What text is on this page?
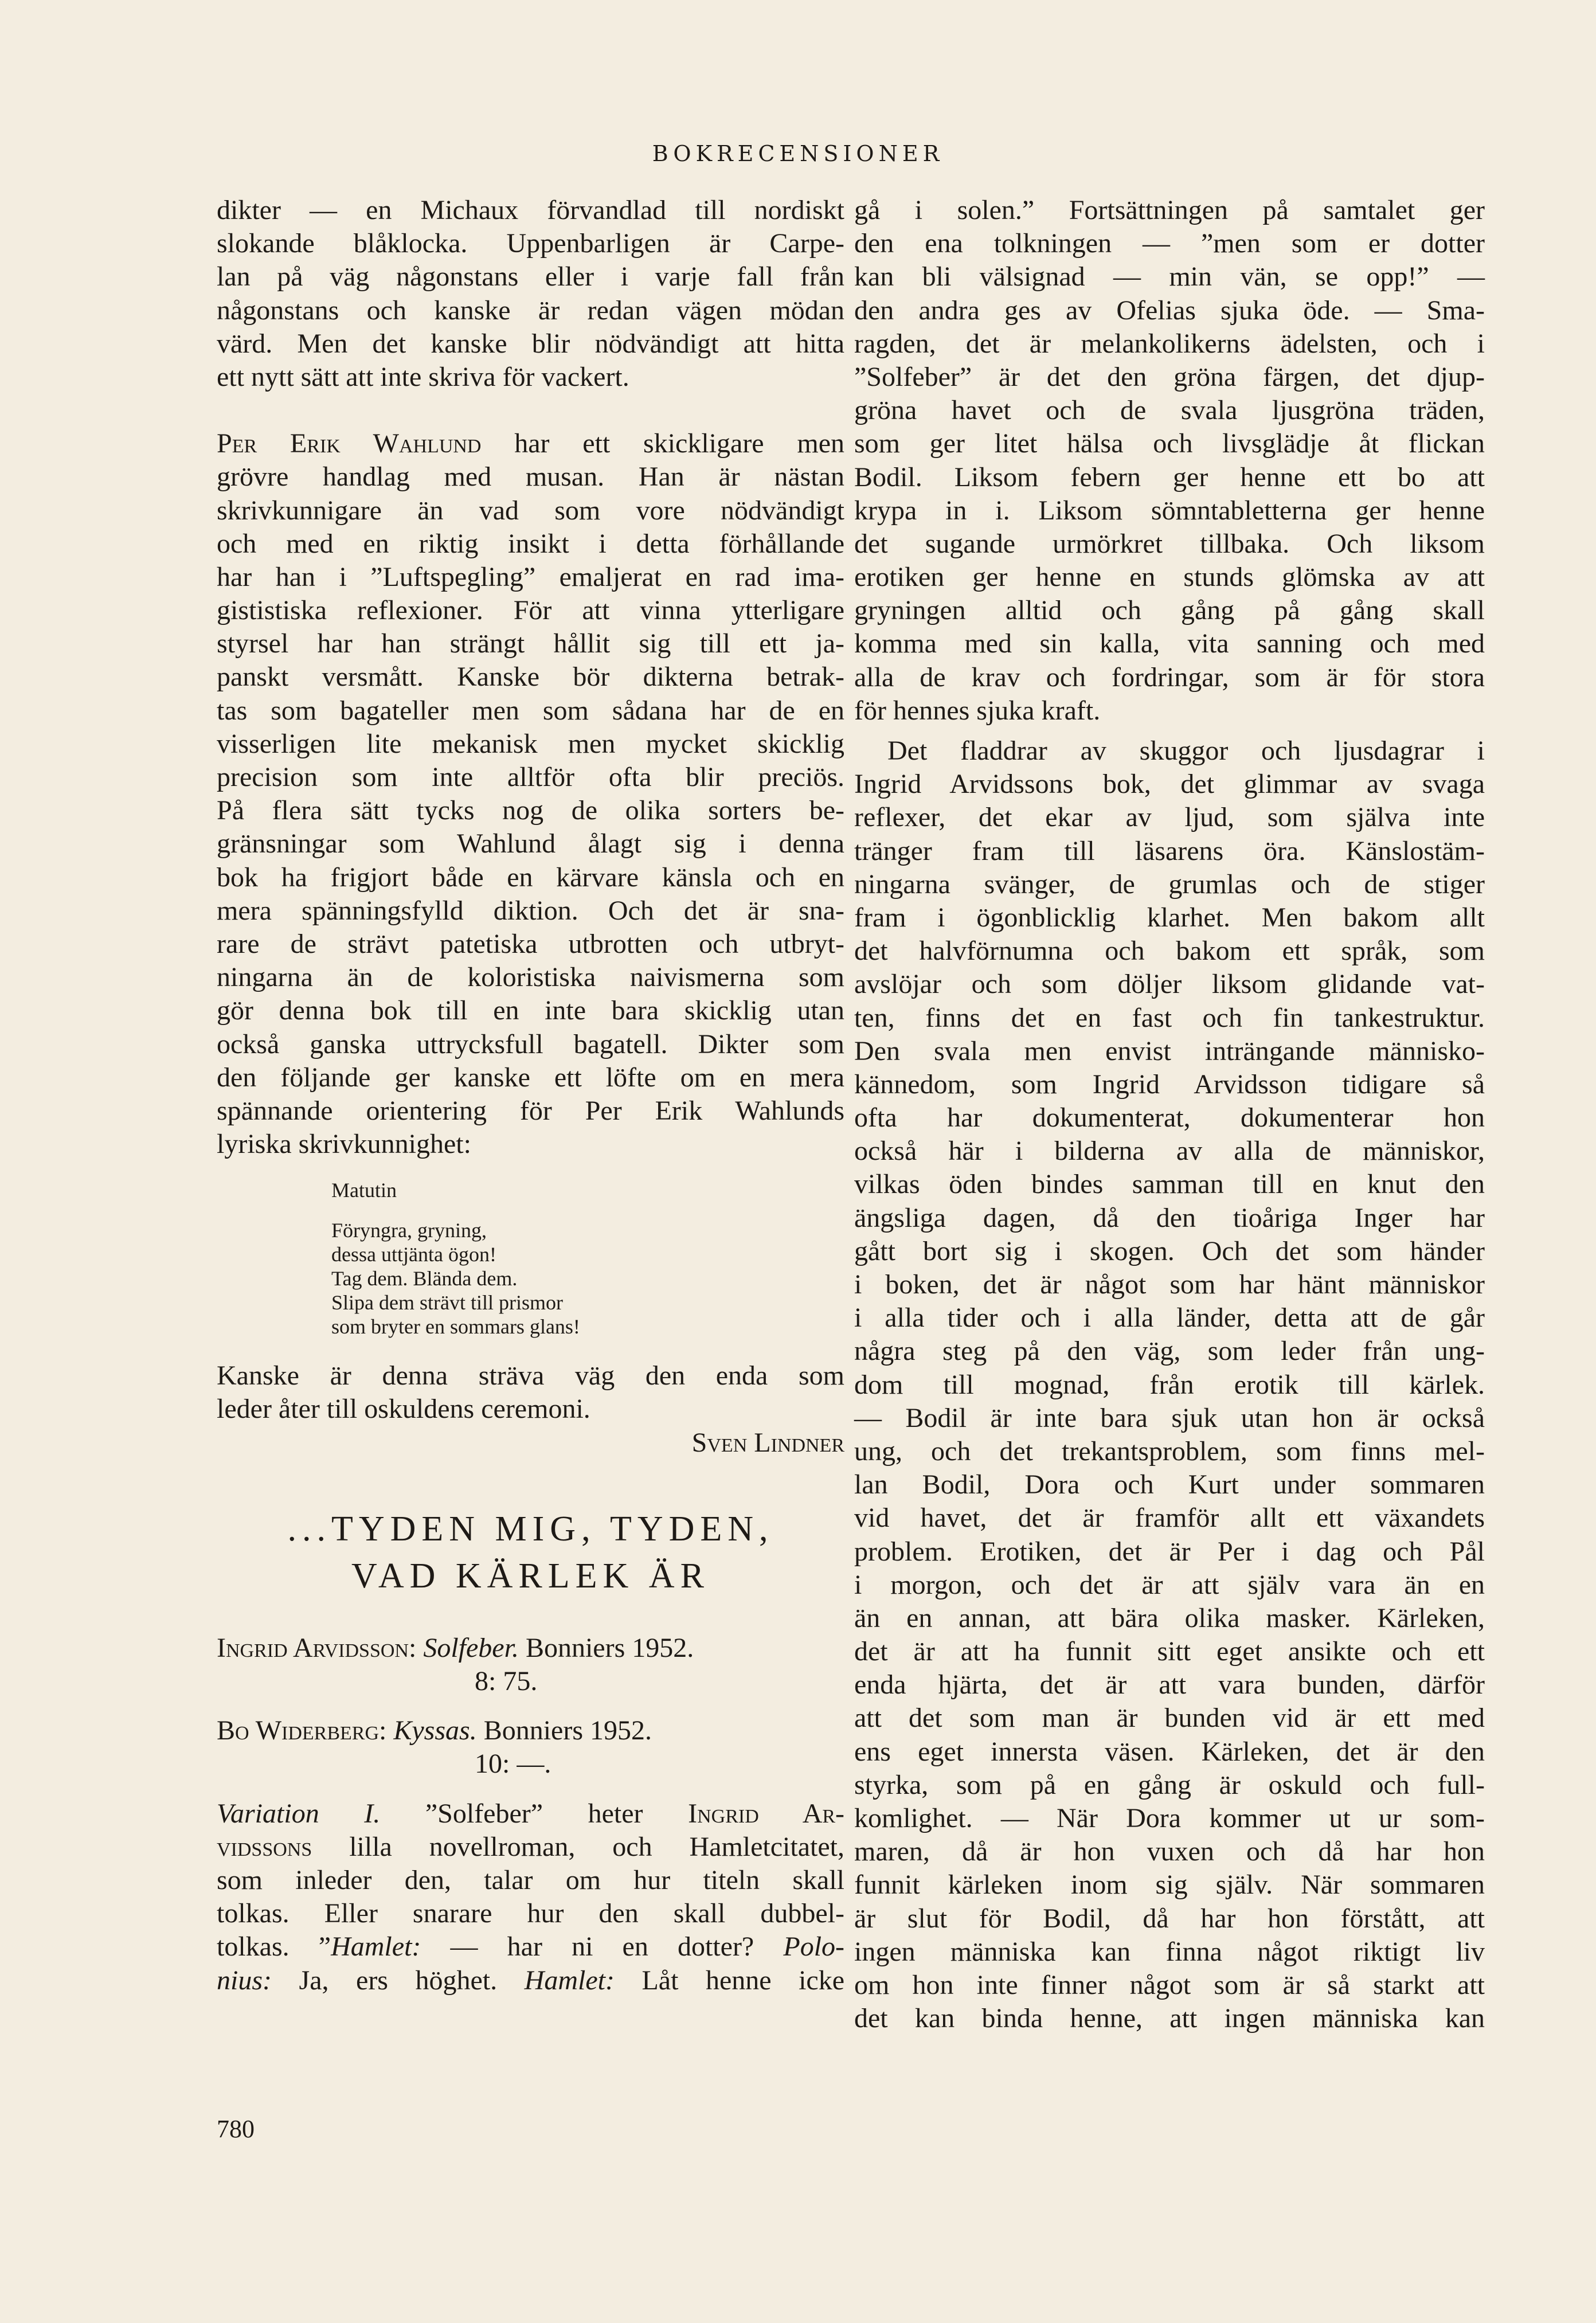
BOKRECENSIONER
dikter — en Michaux förvandlad till nordiskt
slokande blåklocka. Uppenbarligen är Carpe-
lan på väg någonstans eller i varje fall från
någonstans och kanske är redan vägen mödan
värd. Men det kanske blir nödvändigt att hitta
ett nytt sätt att inte skriva för vackert.
Per Erik Wahlund har ett skickligare men
grövre handlag med musan. Han är nästan
skrivkunnigare än vad som vore nödvändigt
och med en riktig insikt i detta förhållande
har han i ”Luftspegling” emaljerat en rad ima-
gististiska reflexioner. För att vinna ytterligare
styrsel har han strängt hållit sig till ett ja-
panskt versmått. Kanske bör dikterna betrak-
tas som bagateller men som sådana har de en
visserligen lite mekanisk men mycket skicklig
precision som inte alltför ofta blir preciös.
På flera sätt tycks nog de olika sorters be-
gränsningar som Wahlund ålagt sig i denna
bok ha frigjort både en kärvare känsla och en
mera spänningsfylld diktion. Och det är sna-
rare de strävt patetiska utbrotten och utbryt-
ningarna än de koloristiska naivismerna som
gör denna bok till en inte bara skicklig utan
också ganska uttrycksfull bagatell. Dikter som
den följande ger kanske ett löfte om en mera
spännande orientering för Per Erik Wahlunds
lyriska skrivkunnighet:
Matutin
Föryngra, gryning,
dessa uttjänta ögon!
Tag dem. Blända dem.
Slipa dem strävt till prismor
som bryter en sommars glans!
Kanske är denna sträva väg den enda som
leder åter till oskuldens ceremoni.
Sven Lindner
...TYDEN MIG, TYDEN,
VAD KÄRLEK ÄR
Ingrid Arvidsson: Solfeber. Bonniers 1952.
8: 75.
Bo Widerberg: Kyssas. Bonniers 1952.
10: —.
Variation I. ”Solfeber” heter Ingrid Ar-
vidssons lilla novellroman, och Hamletcitatet,
som inleder den, talar om hur titeln skall
tolkas. Eller snarare hur den skall dubbel-
tolkas. ”Hamlet: — har ni en dotter? Polo-
nius: Ja, ers höghet. Hamlet: Låt henne icke
gå i solen.” Fortsättningen på samtalet ger
den ena tolkningen — ”men som er dotter
kan bli välsignad — min vän, se opp!” —
den andra ges av Ofelias sjuka öde. — Sma-
ragden, det är melankolikerns ädelsten, och i
”Solfeber” är det den gröna färgen, det djup-
gröna havet och de svala ljusgröna träden,
som ger litet hälsa och livsglädje åt flickan
Bodil. Liksom febern ger henne ett bo att
krypa in i. Liksom sömntabletterna ger henne
det sugande urmörkret tillbaka. Och liksom
erotiken ger henne en stunds glömska av att
gryningen alltid och gång på gång skall
komma med sin kalla, vita sanning och med
alla de krav och fordringar, som är för stora
för hennes sjuka kraft.
Det fladdrar av skuggor och ljusdagrar i
Ingrid Arvidssons bok, det glimmar av svaga
reflexer, det ekar av ljud, som själva inte
tränger fram till läsarens öra. Känslostäm-
ningarna svänger, de grumlas och de stiger
fram i ögonblicklig klarhet. Men bakom allt
det halvförnumna och bakom ett språk, som
avslöjar och som döljer liksom glidande vat-
ten, finns det en fast och fin tankestruktur.
Den svala men envist inträngande människo-
kännedom, som Ingrid Arvidsson tidigare så
ofta har dokumenterat, dokumenterar hon
också här i bilderna av alla de människor,
vilkas öden bindes samman till en knut den
ängsliga dagen, då den tioåriga Inger har
gått bort sig i skogen. Och det som händer
i boken, det är något som har hänt människor
i alla tider och i alla länder, detta att de går
några steg på den väg, som leder från ung-
dom till mognad, från erotik till kärlek.
— Bodil är inte bara sjuk utan hon är också
ung, och det trekantsproblem, som finns mel-
lan Bodil, Dora och Kurt under sommaren
vid havet, det är framför allt ett växandets
problem. Erotiken, det är Per i dag och Pål
i morgon, och det är att själv vara än en
än en annan, att bära olika masker. Kärleken,
det är att ha funnit sitt eget ansikte och ett
enda hjärta, det är att vara bunden, därför
att det som man är bunden vid är ett med
ens eget innersta väsen. Kärleken, det är den
styrka, som på en gång är oskuld och full-
komlighet. — När Dora kommer ut ur som-
maren, då är hon vuxen och då har hon
funnit kärleken inom sig själv. När sommaren
är slut för Bodil, då har hon förstått, att
ingen människa kan finna något riktigt liv
om hon inte finner något som är så starkt att
det kan binda henne, att ingen människa kan
780
